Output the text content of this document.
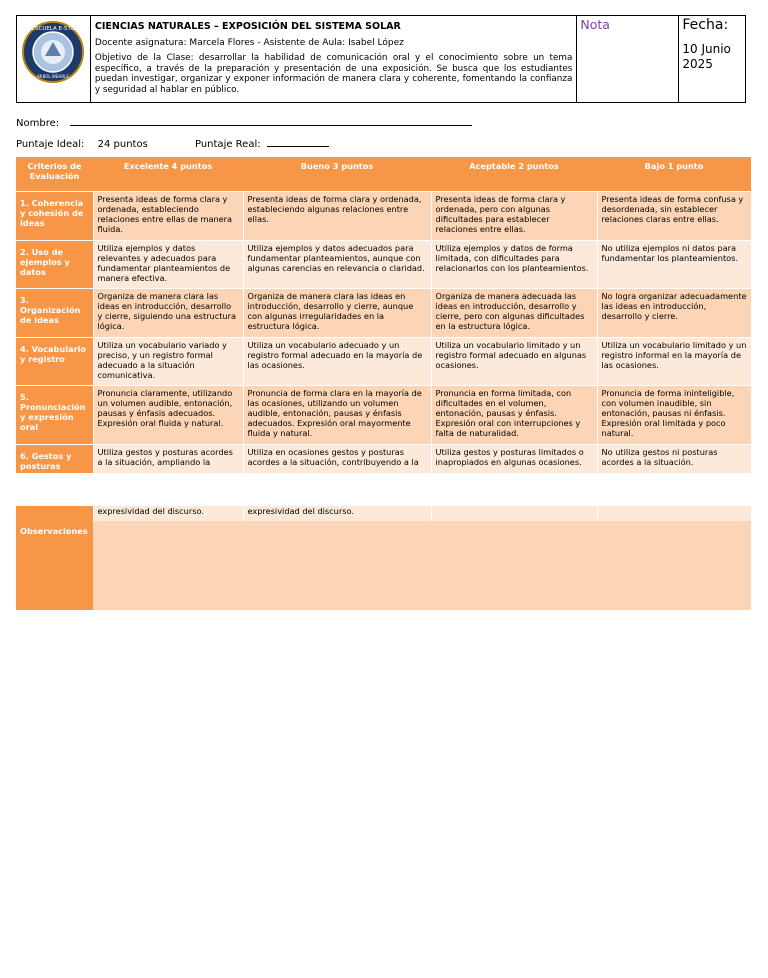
ESCUELA E-578
ARBOL WEHRLE

CIENCIAS NATURALES – EXPOSICIÓN DEL SISTEMA SOLAR
Docente asignatura: Marcela Flores - Asistente de Aula: Isabel López
Objetivo de la Clase: desarrollar la habilidad de comunicación oral y el conocimiento sobre un tema específico, a través de la preparación y presentación de una exposición. Se busca que los estudiantes puedan investigar, organizar y exponer información de manera clara y coherente, fomentando la confianza y seguridad al hablar en público.

Nota	Fecha:
10 Junio
2025
Nombre:
Puntaje Ideal: 24 puntos	Puntaje Real:
Criterios de Evaluación	Excelente 4 puntos	Bueno 3 puntos	Aceptable 2 puntos	Bajo 1 punto
1. Coherencia y cohesión de ideas	Presenta ideas de forma clara y ordenada, estableciendo relaciones entre ellas de manera fluida.	Presenta ideas de forma clara y ordenada, estableciendo algunas relaciones entre ellas.	Presenta ideas de forma clara y ordenada, pero con algunas dificultades para establecer relaciones entre ellas.	Presenta ideas de forma confusa y desordenada, sin establecer relaciones claras entre ellas.
2. Uso de ejemplos y datos	Utiliza ejemplos y datos relevantes y adecuados para fundamentar planteamientos de manera efectiva.	Utiliza ejemplos y datos adecuados para fundamentar planteamientos, aunque con algunas carencias en relevancia o claridad.	Utiliza ejemplos y datos de forma limitada, con dificultades para relacionarlos con los planteamientos.	No utiliza ejemplos ni datos para fundamentar los planteamientos.
3. Organización de ideas	Organiza de manera clara las ideas en introducción, desarrollo y cierre, siguiendo una estructura lógica.	Organiza de manera clara las ideas en introducción, desarrollo y cierre, aunque con algunas irregularidades en la estructura lógica.	Organiza de manera adecuada las ideas en introducción, desarrollo y cierre, pero con algunas dificultades en la estructura lógica.	No logra organizar adecuadamente las ideas en introducción, desarrollo y cierre.
4. Vocabulario y registro	Utiliza un vocabulario variado y preciso, y un registro formal adecuado a la situación comunicativa.	Utiliza un vocabulario adecuado y un registro formal adecuado en la mayoría de las ocasiones.	Utiliza un vocabulario limitado y un registro formal adecuado en algunas ocasiones.	Utiliza un vocabulario limitado y un registro informal en la mayoría de las ocasiones.
5. Pronunciación y expresión oral	Pronuncia claramente, utilizando un volumen audible, entonación, pausas y énfasis adecuados. Expresión oral fluida y natural.	Pronuncia de forma clara en la mayoría de las ocasiones, utilizando un volumen audible, entonación, pausas y énfasis adecuados. Expresión oral mayormente fluida y natural.	Pronuncia en forma limitada, con dificultades en el volumen, entonación, pausas y énfasis. Expresión oral con interrupciones y falta de naturalidad.	Pronuncia de forma ininteligible, con volumen inaudible, sin entonación, pausas ni énfasis. Expresión oral limitada y poco natural.
6. Gestos y posturas	Utiliza gestos y posturas acordes a la situación, ampliando la	Utiliza en ocasiones gestos y posturas acordes a la situación, contribuyendo a la	Utiliza gestos y posturas limitados o inapropiados en algunas ocasiones.	No utiliza gestos ni posturas acordes a la situación.
	expresividad del discurso.	expresividad del discurso.		
Observaciones				
